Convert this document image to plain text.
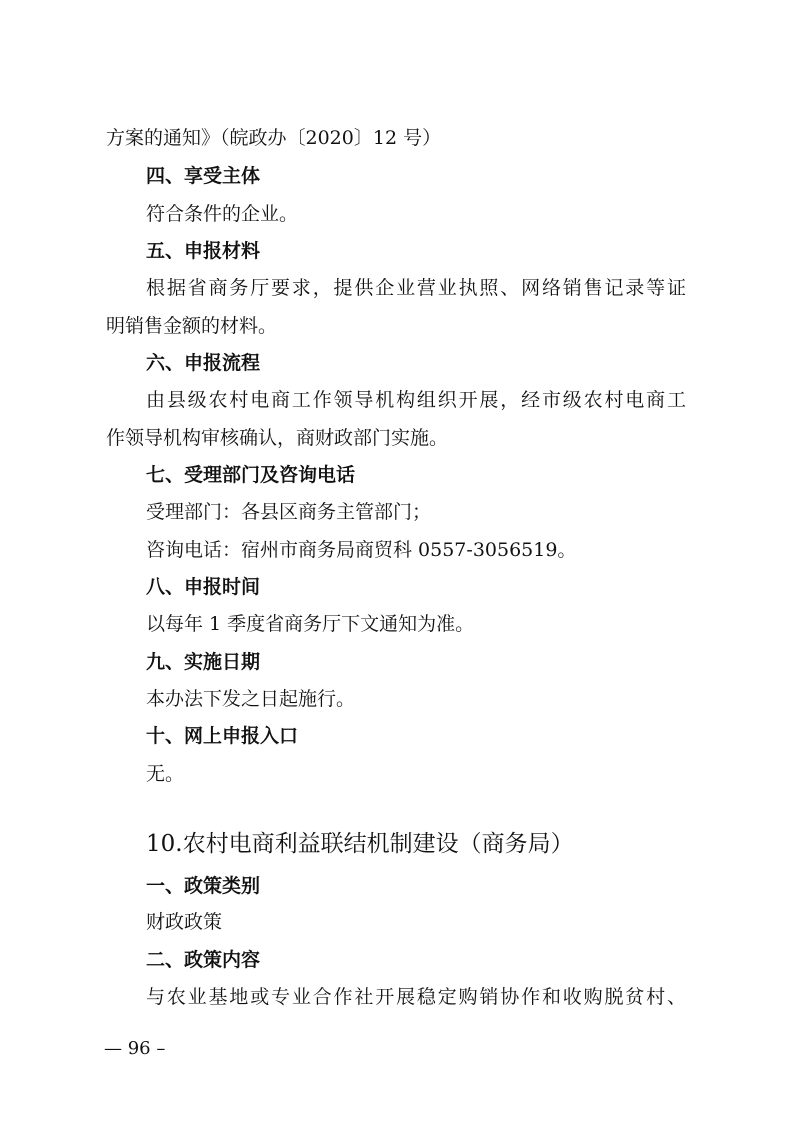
方案的通知》（皖政办〔2020〕12 号）
四、享受主体
符合条件的企业。
五、申报材料
根据省商务厅要求，提供企业营业执照、网络销售记录等证
明销售金额的材料。
六、申报流程
由县级农村电商工作领导机构组织开展，经市级农村电商工
作领导机构审核确认，商财政部门实施。
七、受理部门及咨询电话
受理部门：各县区商务主管部门；
咨询电话：宿州市商务局商贸科 0557-3056519。
八、申报时间
以每年 1 季度省商务厅下文通知为准。
九、实施日期
本办法下发之日起施行。
十、网上申报入口
无。
10.农村电商利益联结机制建设（商务局）
一、政策类别
财政政策
二、政策内容
与农业基地或专业合作社开展稳定购销协作和收购脱贫村、
— 96 –
